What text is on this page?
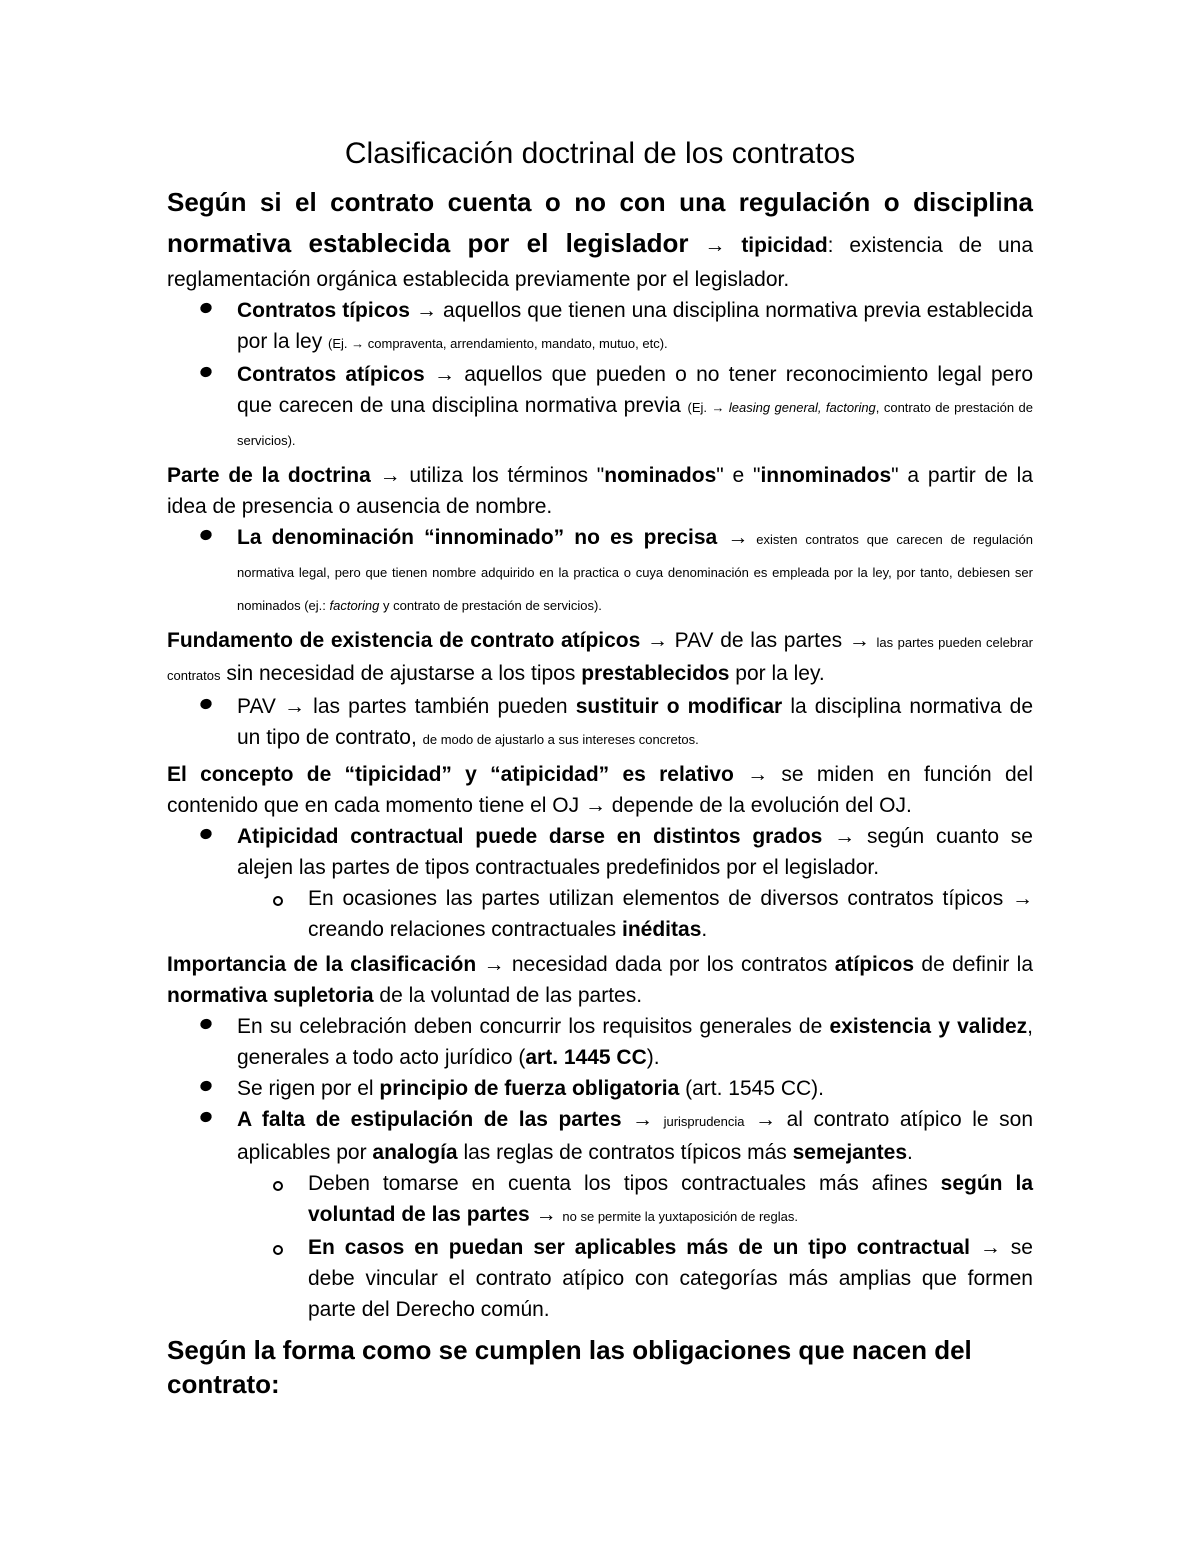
Clasificación doctrinal de los contratos

Según si el contrato cuenta o no con una regulación o disciplina normativa establecida por el legislador → tipicidad: existencia de una reglamentación orgánica establecida previamente por el legislador.

Contratos típicos → aquellos que tienen una disciplina normativa previa establecida por la ley (Ej. → compraventa, arrendamiento, mandato, mutuo, etc).
Contratos atípicos → aquellos que pueden o no tener reconocimiento legal pero que carecen de una disciplina normativa previa (Ej. → leasing general, factoring, contrato de prestación de servicios).

Parte de la doctrina → utiliza los términos "nominados" e "innominados" a partir de la idea de presencia o ausencia de nombre.

La denominación “innominado” no es precisa → existen contratos que carecen de regulación normativa legal, pero que tienen nombre adquirido en la practica o cuya denominación es empleada por la ley, por tanto, debiesen ser nominados (ej.: factoring y contrato de prestación de servicios).

Fundamento de existencia de contrato atípicos → PAV de las partes → las partes pueden celebrar contratos sin necesidad de ajustarse a los tipos prestablecidos por la ley.

PAV → las partes también pueden sustituir o modificar la disciplina normativa de un tipo de contrato, de modo de ajustarlo a sus intereses concretos.

El concepto de “tipicidad” y “atipicidad” es relativo → se miden en función del contenido que en cada momento tiene el OJ → depende de la evolución del OJ.

Atipicidad contractual puede darse en distintos grados → según cuanto se alejen las partes de tipos contractuales predefinidos por el legislador.
En ocasiones las partes utilizan elementos de diversos contratos típicos → creando relaciones contractuales inéditas.

Importancia de la clasificación → necesidad dada por los contratos atípicos de definir la normativa supletoria de la voluntad de las partes.

En su celebración deben concurrir los requisitos generales de existencia y validez, generales a todo acto jurídico (art. 1445 CC).
Se rigen por el principio de fuerza obligatoria (art. 1545 CC).
A falta de estipulación de las partes → jurisprudencia → al contrato atípico le son aplicables por analogía las reglas de contratos típicos más semejantes.
Deben tomarse en cuenta los tipos contractuales más afines según la voluntad de las partes → no se permite la yuxtaposición de reglas.
En casos en puedan ser aplicables más de un tipo contractual → se debe vincular el contrato atípico con categorías más amplias que formen parte del Derecho común.

Según la forma como se cumplen las obligaciones que nacen del contrato:
